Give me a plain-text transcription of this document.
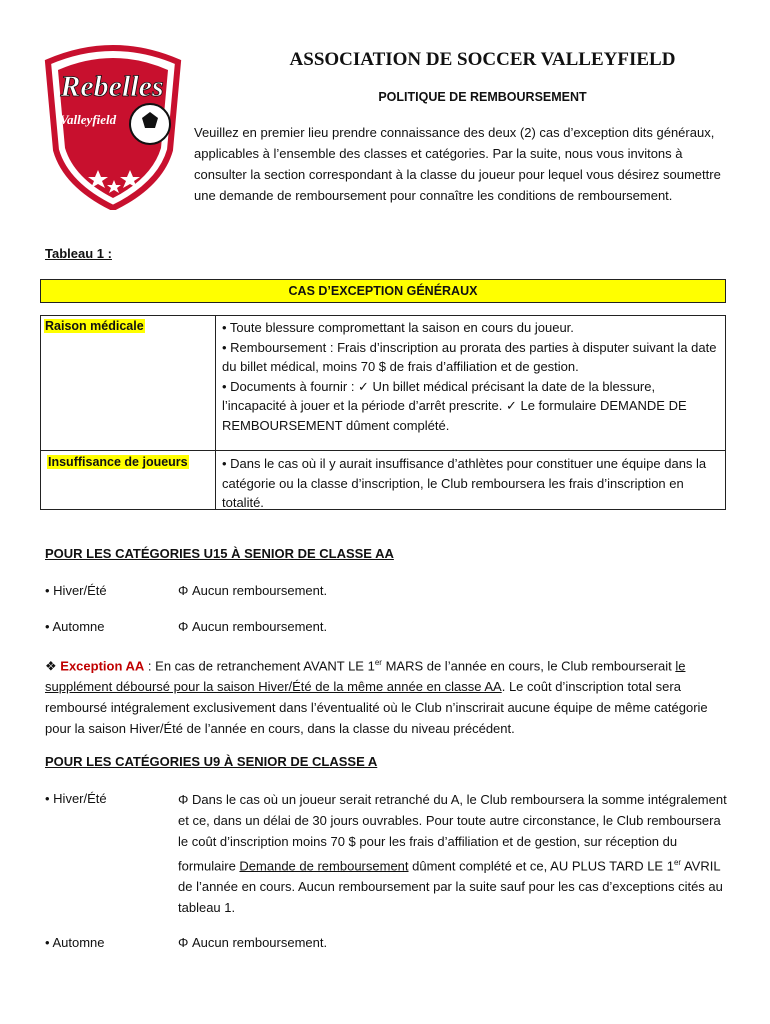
Rebelles
Valleyfield
ASSOCIATION DE SOCCER VALLEYFIELD
POLITIQUE DE REMBOURSEMENT
Veuillez en premier lieu prendre connaissance des deux (2) cas d’exception dits généraux, applicables à l’ensemble des classes et catégories. Par la suite, nous vous invitons à consulter la section correspondant à la classe du joueur pour lequel vous désirez soumettre une demande de remboursement pour connaître les conditions de remboursement.
Tableau 1 :
CAS D’EXCEPTION GÉNÉRAUX
Raison médicale	• Toute blessure compromettant la saison en cours du joueur.
• Remboursement : Frais d’inscription au prorata des parties à disputer suivant la date du billet médical, moins 70 $ de frais d’affiliation et de gestion.
• Documents à fournir : ✓ Un billet médical précisant la date de la blessure, l’incapacité à jouer et la période d’arrêt prescrite. ✓ Le formulaire DEMANDE DE REMBOURSEMENT dûment complété.
Insuffisance de joueurs	• Dans le cas où il y aurait insuffisance d’athlètes pour constituer une équipe dans la catégorie ou la classe d’inscription, le Club remboursera les frais d’inscription en totalité.
POUR LES CATÉGORIES U15 À SENIOR DE CLASSE AA
• Hiver/Été	Φ Aucun remboursement.
• Automne	Φ Aucun remboursement.
❖ Exception AA : En cas de retranchement AVANT LE 1er MARS de l’année en cours, le Club rembourserait le supplément déboursé pour la saison Hiver/Été de la même année en classe AA. Le coût d’inscription total sera remboursé intégralement exclusivement dans l’éventualité où le Club n’inscrirait aucune équipe de même catégorie pour la saison Hiver/Été de l’année en cours, dans la classe du niveau précédent.
POUR LES CATÉGORIES U9 À SENIOR DE CLASSE A
• Hiver/Été	Φ Dans le cas où un joueur serait retranché du A, le Club remboursera la somme intégralement et ce, dans un délai de 30 jours ouvrables. Pour toute autre circonstance, le Club remboursera le coût d’inscription moins 70 $ pour les frais d’affiliation et de gestion, sur réception du formulaire Demande de remboursement dûment complété et ce, AU PLUS TARD LE 1er AVRIL de l’année en cours. Aucun remboursement par la suite sauf pour les cas d’exceptions cités au tableau 1.
• Automne	Φ Aucun remboursement.
